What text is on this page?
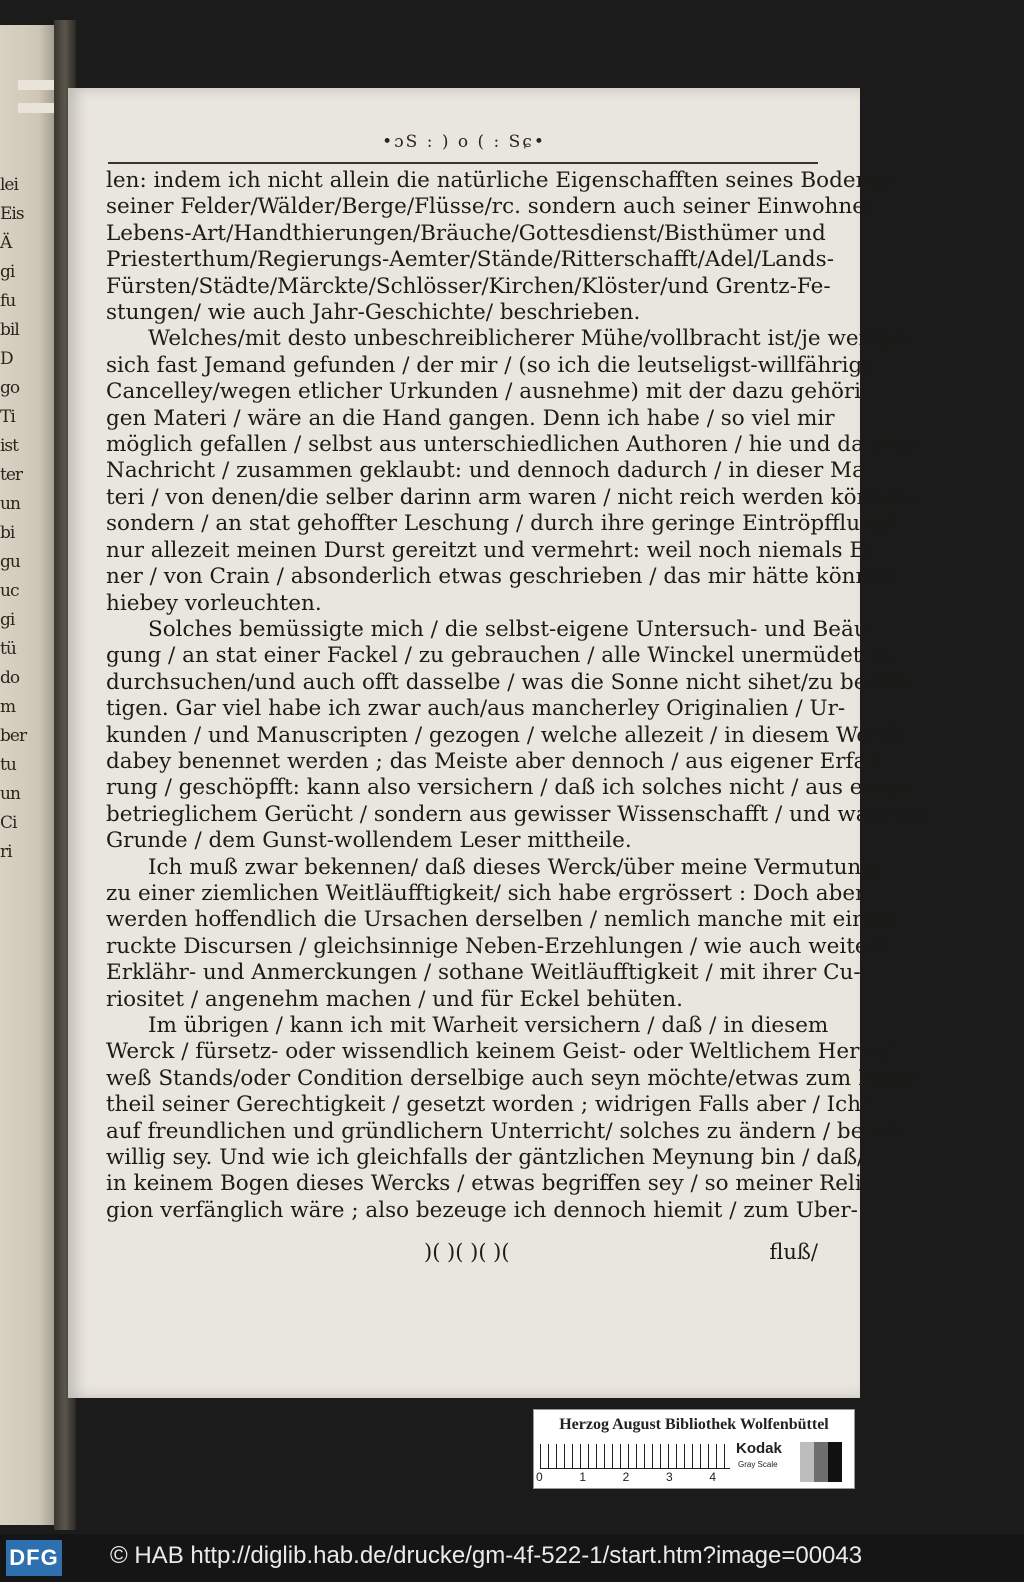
lei
Eis
Ä
gi
fu
bil
D
go
Ti
ist
ter
un
bi
gu
uc
gi
tü
do
m
ber
tu
un
Ci
ri
•ɔS : ) o ( : Sɕ•
len: indem ich nicht allein die natürliche Eigenschafften seines Bodems/
seiner Felder/Wälder/Berge/Flüsse/rc. sondern auch seiner Einwohner
Lebens-Art/Handthierungen/Bräuche/Gottesdienst/Bisthümer und
Priesterthum/Regierungs-Aemter/Stände/Ritterschafft/Adel/Lands-
Fürsten/Städte/Märckte/Schlösser/Kirchen/Klöster/und Grentz-Fe-
stungen/ wie auch Jahr-Geschichte/ beschrieben.
Welches/mit desto unbeschreiblicherer Mühe/vollbracht ist/je weniger
sich fast Jemand gefunden / der mir / (so ich die leutseligst-willfährige
Cancelley/wegen etlicher Urkunden / ausnehme) mit der dazu gehöri-
gen Materi / wäre an die Hand gangen. Denn ich habe / so viel mir
möglich gefallen / selbst aus unterschiedlichen Authoren / hie und da eine
Nachricht / zusammen geklaubt: und dennoch dadurch / in dieser Ma-
teri / von denen/die selber darinn arm waren / nicht reich werden können;
sondern / an stat gehoffter Leschung / durch ihre geringe Eintröpfflung/
nur allezeit meinen Durst gereitzt und vermehrt: weil noch niemals Ei-
ner / von Crain / absonderlich etwas geschrieben / das mir hätte können
hiebey vorleuchten.
Solches bemüssigte mich / die selbst-eigene Untersuch- und Beäu-
gung / an stat einer Fackel / zu gebrauchen / alle Winckel unermüdet zu
durchsuchen/und auch offt dasselbe / was die Sonne nicht sihet/zu besich-
tigen. Gar viel habe ich zwar auch/aus mancherley Originalien / Ur-
kunden / und Manuscripten / gezogen / welche allezeit / in diesem Werck
dabey benennet werden ; das Meiste aber dennoch / aus eigener Erfah-
rung / geschöpfft: kann also versichern / daß ich solches nicht / aus einem
betrieglichem Gerücht / sondern aus gewisser Wissenschafft / und wahrem
Grunde / dem Gunst-wollendem Leser mittheile.
Ich muß zwar bekennen/ daß dieses Werck/über meine Vermutung/
zu einer ziemlichen Weitläufftigkeit/ sich habe ergrössert : Doch aber
werden hoffendlich die Ursachen derselben / nemlich manche mit einge-
ruckte Discursen / gleichsinnige Neben-Erzehlungen / wie auch weitere
Erklähr- und Anmerckungen / sothane Weitläufftigkeit / mit ihrer Cu-
riositet / angenehm machen / und für Eckel behüten.
Im übrigen / kann ich mit Warheit versichern / daß / in diesem
Werck / fürsetz- oder wissendlich keinem Geist- oder Weltlichem Herrn/
weß Stands/oder Condition derselbige auch seyn möchte/etwas zum Nach-
theil seiner Gerechtigkeit / gesetzt worden ; widrigen Falls aber / Ich/
auf freundlichen und gründlichern Unterricht/ solches zu ändern / bereit-
willig sey. Und wie ich gleichfalls der gäntzlichen Meynung bin / daß/
in keinem Bogen dieses Wercks / etwas begriffen sey / so meiner Reli-
gion verfänglich wäre ; also bezeuge ich dennoch hiemit / zum Uber-
)( )( )( )(	fluß/
Herzog August Bibliothek Wolfenbüttel
0	1	2	3	4
Kodak
Gray Scale
DFG © HAB http://diglib.hab.de/drucke/gm-4f-522-1/start.htm?image=00043
